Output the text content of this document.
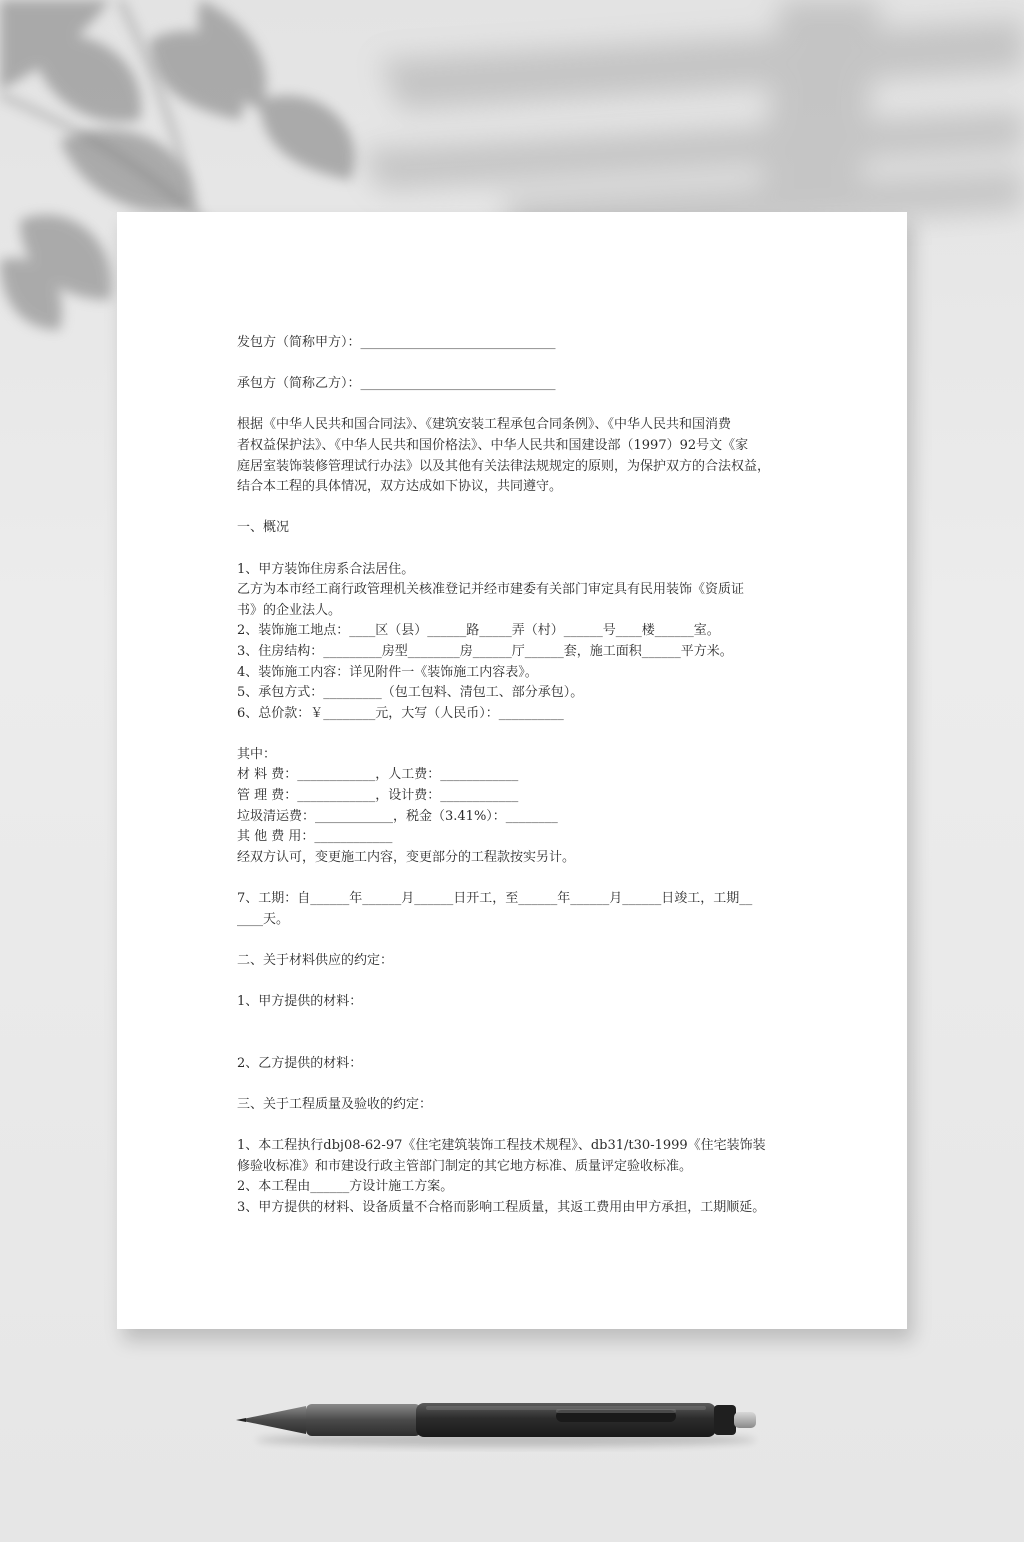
发包方（简称甲方）：______________________________
承包方（简称乙方）：______________________________
根据《中华人民共和国合同法》、《建筑安装工程承包合同条例》、《中华人民共和国消费
者权益保护法》、《中华人民共和国价格法》、中华人民共和国建设部（1997）92号文《家
庭居室装饰装修管理试行办法》以及其他有关法律法规规定的原则，为保护双方的合法权益，
结合本工程的具体情况，双方达成如下协议，共同遵守。
一、概况
1、甲方装饰住房系合法居住。
乙方为本市经工商行政管理机关核准登记并经市建委有关部门审定具有民用装饰《资质证
书》的企业法人。
2、装饰施工地点：____区（县）______路_____弄（村）______号____楼______室。
3、住房结构：_________房型________房______厅______套，施工面积______平方米。
4、装饰施工内容：详见附件一《装饰施工内容表》。
5、承包方式：_________（包工包料、清包工、部分承包）。
6、总价款：￥________元，大写（人民币）：__________
其中：
材 料 费：____________，人工费：____________
管 理 费：____________，设计费：____________
垃圾清运费：____________，税金（3.41%）：________
其 他 费 用：____________
经双方认可，变更施工内容，变更部分的工程款按实另计。
7、工期：自______年______月______日开工，至______年______月______日竣工，工期__
____天。
二、关于材料供应的约定：
1、甲方提供的材料：
2、乙方提供的材料：
三、关于工程质量及验收的约定：
1、本工程执行dbj08-62-97《住宅建筑装饰工程技术规程》、db31/t30-1999《住宅装饰装
修验收标准》和市建设行政主管部门制定的其它地方标准、质量评定验收标准。
2、本工程由______方设计施工方案。
3、甲方提供的材料、设备质量不合格而影响工程质量，其返工费用由甲方承担，工期顺延。
